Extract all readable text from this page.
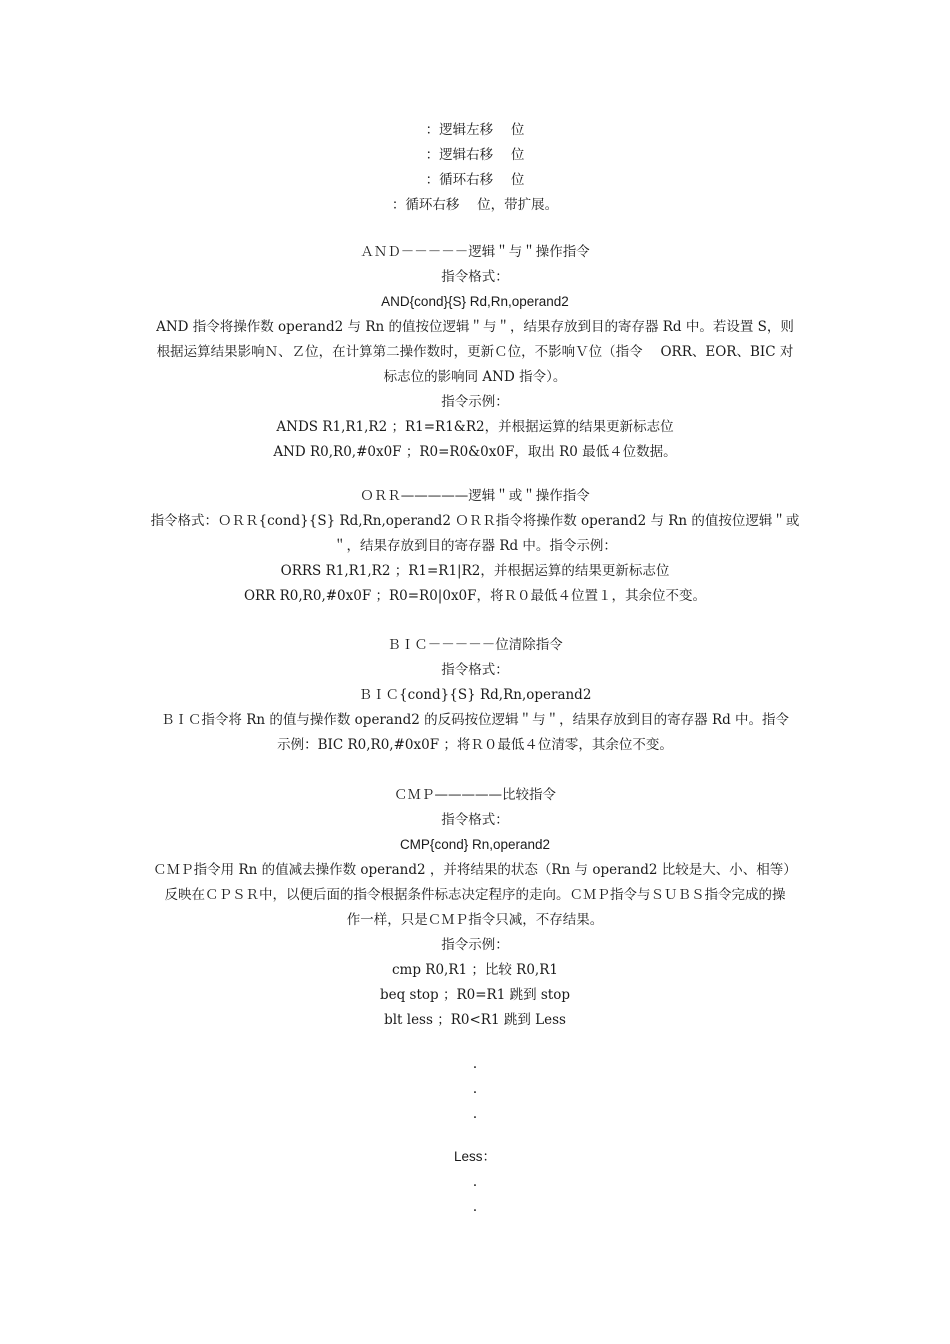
：逻辑左移　 位
：逻辑右移　 位
：循环右移　 位
：循环右移　 位，带扩展。
ＡＮＤ－－－－－逻辑＂与＂操作指令
指令格式：
AND{cond}{S} Rd,Rn,operand2
AND 指令将操作数 operand2 与 Rn 的值按位逻辑＂与＂，结果存放到目的寄存器 Rd 中。若设置 S，则
根据运算结果影响Ｎ、Ｚ位，在计算第二操作数时，更新Ｃ位，不影响Ｖ位（指令　 ORR、EOR、BIC 对
标志位的影响同 AND 指令）。
指令示例：
ANDS R1,R1,R2 ；R1=R1&R2，并根据运算的结果更新标志位
AND R0,R0,#0x0F ；R0=R0&0x0F，取出 R0 最低４位数据。
ＯＲＲ—————逻辑＂或＂操作指令
指令格式：ＯＲＲ{cond}{S} Rd,Rn,operand2 ＯＲＲ指令将操作数 operand2 与 Rn 的值按位逻辑＂或
＂，结果存放到目的寄存器 Rd 中。指令示例：
ORRS R1,R1,R2 ；R1=R1|R2，并根据运算的结果更新标志位
ORR R0,R0,#0x0F ；R0=R0|0x0F，将Ｒ０最低４位置１，其余位不变。
ＢＩＣ－－－－－位清除指令
指令格式：
ＢＩＣ{cond}{S} Rd,Rn,operand2
ＢＩＣ指令将 Rn 的值与操作数 operand2 的反码按位逻辑＂与＂，结果存放到目的寄存器 Rd 中。指令
示例：BIC R0,R0,#0x0F ；将Ｒ０最低４位清零，其余位不变。
ＣＭＰ—————比较指令
指令格式：
CMP{cond} Rn,operand2
ＣＭＰ指令用 Rn 的值减去操作数 operand2 ，并将结果的状态（Rn 与 operand2 比较是大、小、相等）
反映在ＣＰＳＲ中，以便后面的指令根据条件标志决定程序的走向。ＣＭＰ指令与ＳＵＢＳ指令完成的操
作一样，只是ＣＭＰ指令只减，不存结果。
指令示例：
cmp R0,R1 ；比较 R0,R1
beq stop ；R0=R1 跳到 stop
blt less ；R0<R1 跳到 Less
.
.
.
Less：
.
.
